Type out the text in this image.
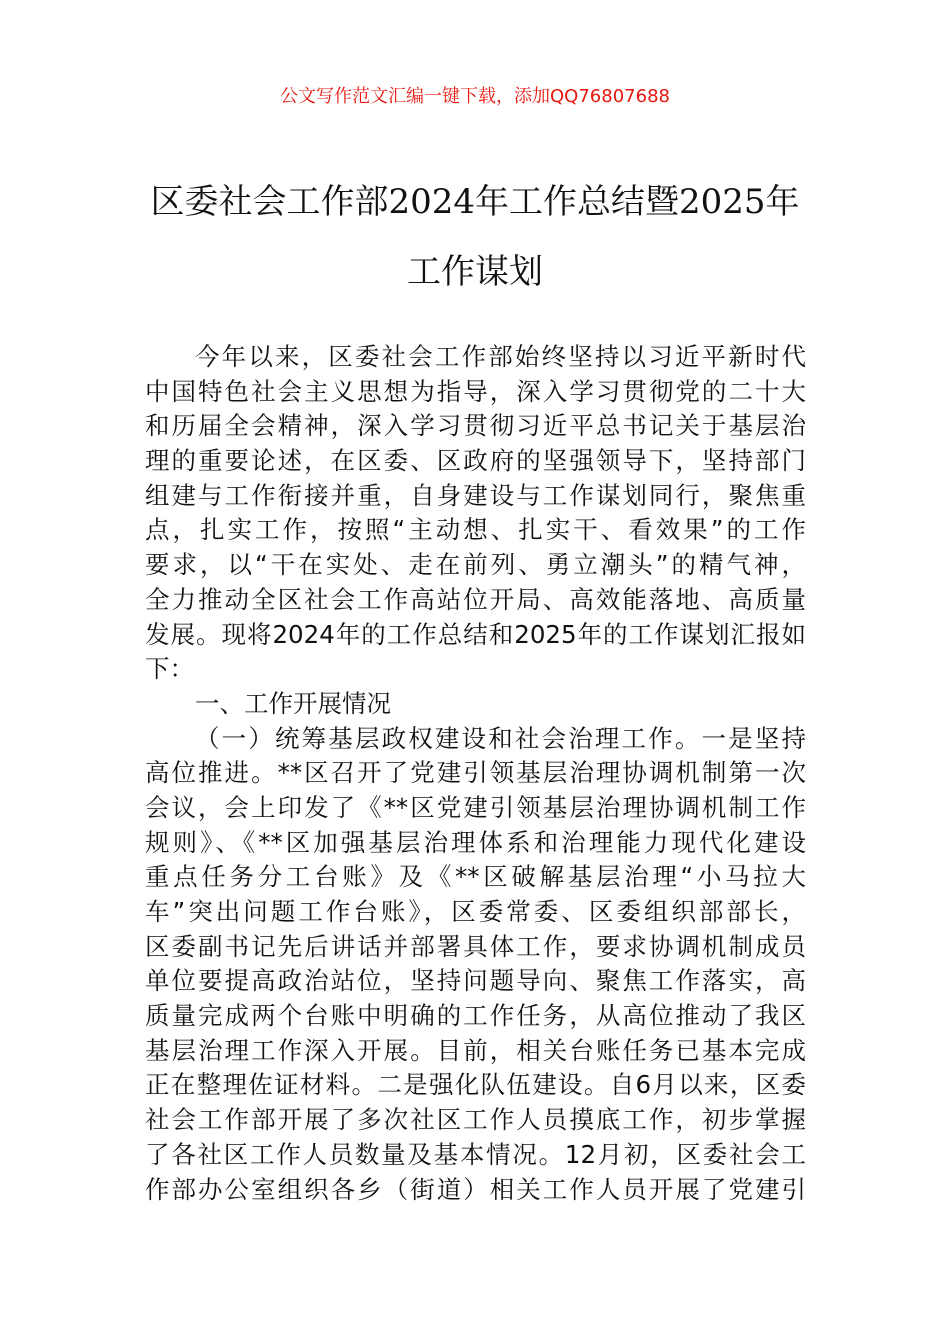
公文写作范文汇编一键下载，添加QQ76807688
区委社会工作部2024年工作总结暨2025年
工作谋划
今年以来，区委社会工作部始终坚持以习近平新时代
中国特色社会主义思想为指导，深入学习贯彻党的二十大
和历届全会精神，深入学习贯彻习近平总书记关于基层治
理的重要论述，在区委、区政府的坚强领导下，坚持部门
组建与工作衔接并重，自身建设与工作谋划同行，聚焦重
点，扎实工作，按照“主动想、扎实干、看效果”的工作
要求，以“干在实处、走在前列、勇立潮头”的精气神，
全力推动全区社会工作高站位开局、高效能落地、高质量
发展。现将2024年的工作总结和2025年的工作谋划汇报如
下：
一、工作开展情况
（一）统筹基层政权建设和社会治理工作。一是坚持
高位推进。**区召开了党建引领基层治理协调机制第一次
会议，会上印发了《**区党建引领基层治理协调机制工作
规则》、《**区加强基层治理体系和治理能力现代化建设
重点任务分工台账》及《**区破解基层治理“小马拉大
车”突出问题工作台账》，区委常委、区委组织部部长，
区委副书记先后讲话并部署具体工作，要求协调机制成员
单位要提高政治站位，坚持问题导向、聚焦工作落实，高
质量完成两个台账中明确的工作任务，从高位推动了我区
基层治理工作深入开展。目前，相关台账任务已基本完成
正在整理佐证材料。二是强化队伍建设。自6月以来，区委
社会工作部开展了多次社区工作人员摸底工作，初步掌握
了各社区工作人员数量及基本情况。12月初，区委社会工
作部办公室组织各乡（街道）相关工作人员开展了党建引
